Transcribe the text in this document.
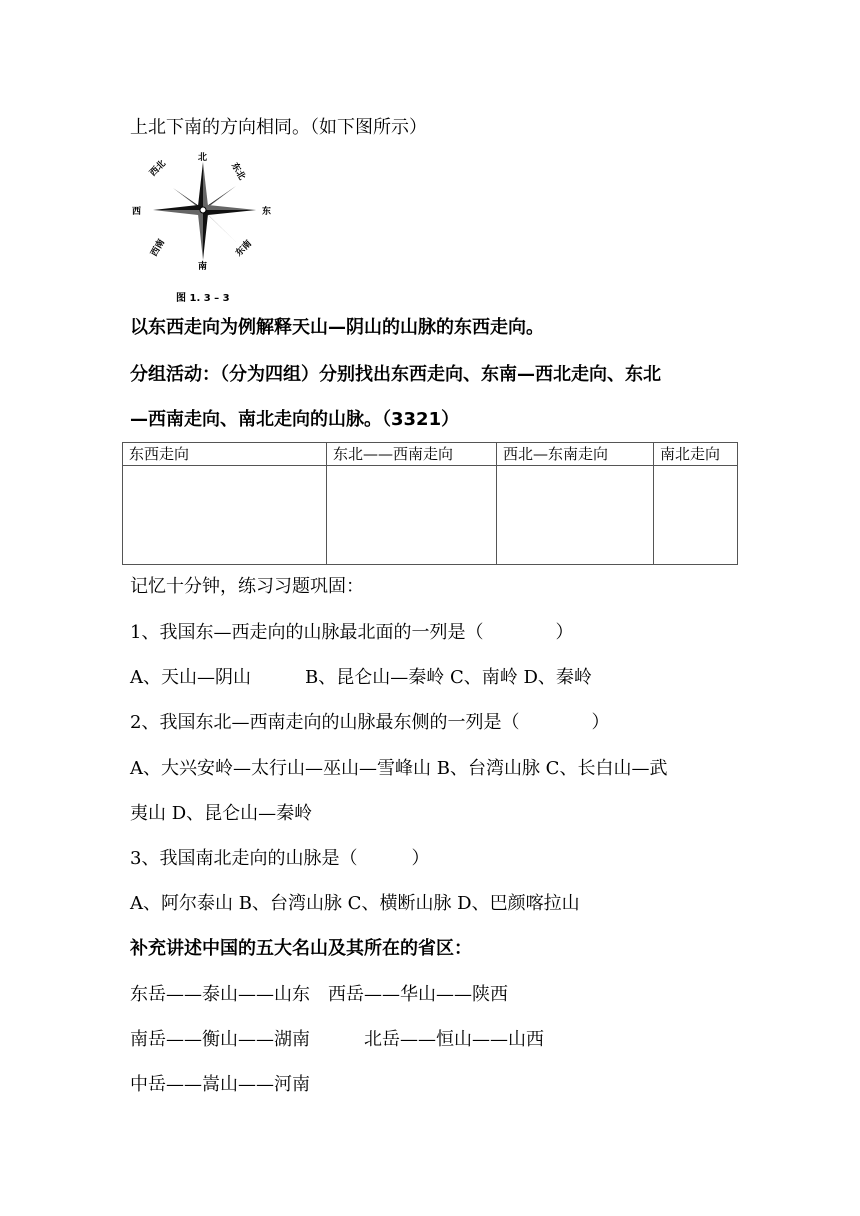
上北下南的方向相同。（如下图所示）
北
南
东
西
东北
西北
东南
西南
图 1. 3 – 3
以东西走向为例解释天山—阴山的山脉的东西走向。
分组活动：（分为四组）分别找出东西走向、东南—西北走向、东北
—西南走向、南北走向的山脉。（3321）
东西走向	东北——西南走向	西北—东南走向	南北走向

记忆十分钟，练习习题巩固：
1、我国东—西走向的山脉最北面的一列是（　　　　）
A、天山—阴山　　　B、昆仑山—秦岭 C、南岭 D、秦岭
2、我国东北—西南走向的山脉最东侧的一列是（　　　　）
A、大兴安岭—太行山—巫山—雪峰山 B、台湾山脉 C、长白山—武
夷山 D、昆仑山—秦岭
3、我国南北走向的山脉是（　　　）
A、阿尔泰山 B、台湾山脉 C、横断山脉 D、巴颜喀拉山
补充讲述中国的五大名山及其所在的省区：
东岳——泰山——山东　西岳——华山——陕西
南岳——衡山——湖南　　　北岳——恒山——山西
中岳——嵩山——河南
